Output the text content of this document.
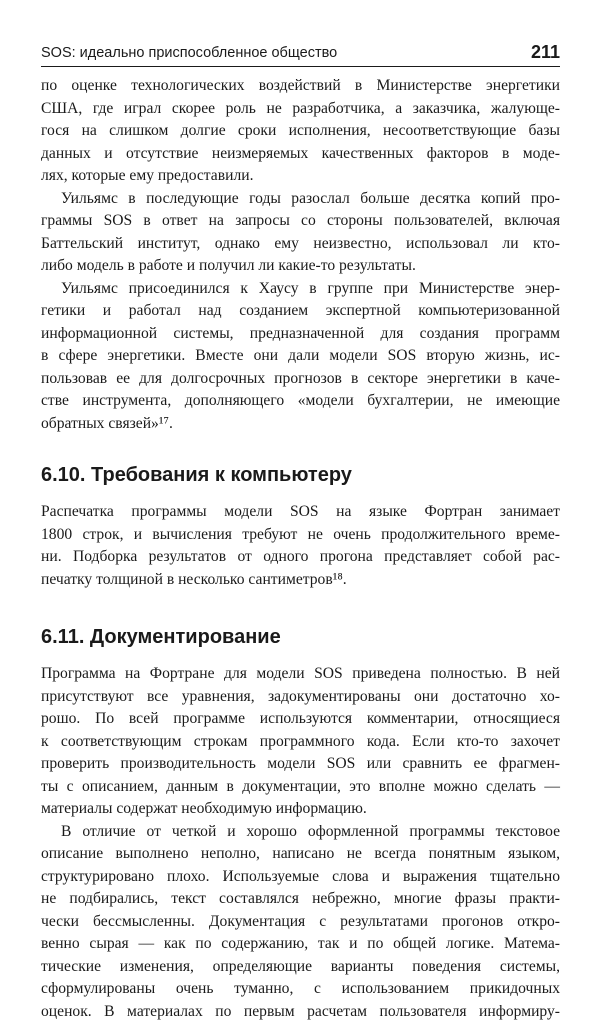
SOS: идеально приспособленное общество	211
по оценке технологических воздействий в Министерстве энергетики
США, где играл скорее роль не разработчика, а заказчика, жалующе-
гося на слишком долгие сроки исполнения, несоответствующие базы
данных и отсутствие неизмеряемых качественных факторов в моде-
лях, которые ему предоставили.
Уильямс в последующие годы разослал больше десятка копий про-
граммы SOS в ответ на запросы со стороны пользователей, включая
Баттельский институт, однако ему неизвестно, использовал ли кто-
либо модель в работе и получил ли какие-то результаты.
Уильямс присоединился к Хаусу в группе при Министерстве энер-
гетики и работал над созданием экспертной компьютеризованной
информационной системы, предназначенной для создания программ
в сфере энергетики. Вместе они дали модели SOS вторую жизнь, ис-
пользовав ее для долгосрочных прогнозов в секторе энергетики в каче-
стве инструмента, дополняющего «модели бухгалтерии, не имеющие
обратных связей»¹⁷.
6.10. Требования к компьютеру
Распечатка программы модели SOS на языке Фортран занимает
1800 строк, и вычисления требуют не очень продолжительного време-
ни. Подборка результатов от одного прогона представляет собой рас-
печатку толщиной в несколько сантиметров¹⁸.
6.11. Документирование
Программа на Фортране для модели SOS приведена полностью. В ней
присутствуют все уравнения, задокументированы они достаточно хо-
рошо. По всей программе используются комментарии, относящиеся
к соответствующим строкам программного кода. Если кто-то захочет
проверить производительность модели SOS или сравнить ее фрагмен-
ты с описанием, данным в документации, это вполне можно сделать —
материалы содержат необходимую информацию.
В отличие от четкой и хорошо оформленной программы текстовое
описание выполнено неполно, написано не всегда понятным языком,
структурировано плохо. Используемые слова и выражения тщательно
не подбирались, текст составлялся небрежно, многие фразы практи-
чески бессмысленны. Документация с результатами прогонов откро-
венно сырая — как по содержанию, так и по общей логике. Матема-
тические изменения, определяющие варианты поведения системы,
сформулированы очень туманно, с использованием прикидочных
оценок. В материалах по первым расчетам пользователя информиру-
